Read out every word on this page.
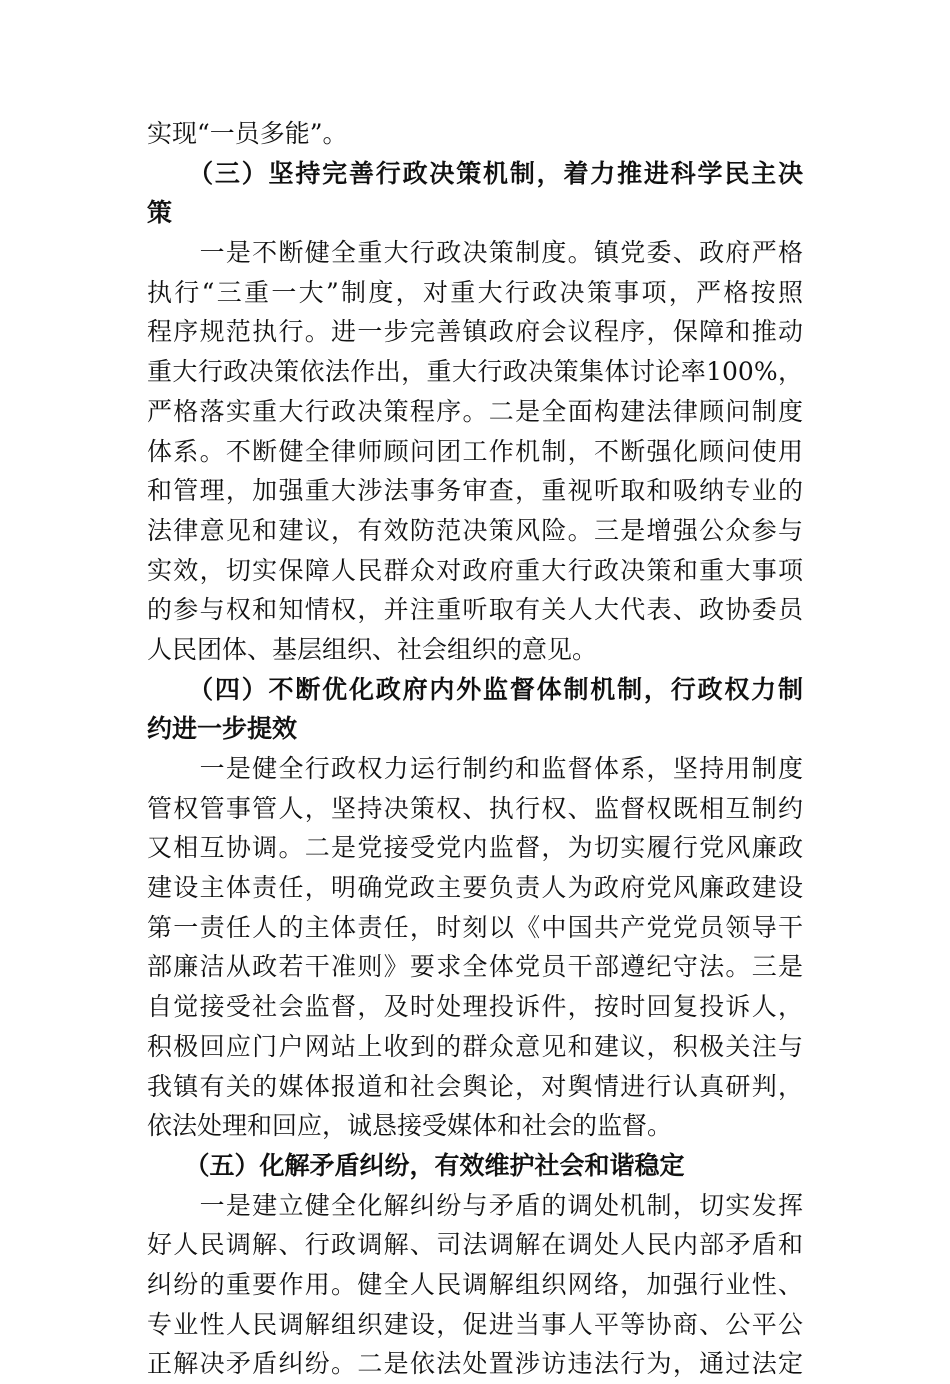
实现“一员多能”。
　　（三）坚持完善行政决策机制，着力推进科学民主决
策
　　一是不断健全重大行政决策制度。镇党委、政府严格
执行“三重一大”制度，对重大行政决策事项，严格按照
程序规范执行。进一步完善镇政府会议程序，保障和推动
重大行政决策依法作出，重大行政决策集体讨论率100%，
严格落实重大行政决策程序。二是全面构建法律顾问制度
体系。不断健全律师顾问团工作机制，不断强化顾问使用
和管理，加强重大涉法事务审查，重视听取和吸纳专业的
法律意见和建议，有效防范决策风险。三是增强公众参与
实效，切实保障人民群众对政府重大行政决策和重大事项
的参与权和知情权，并注重听取有关人大代表、政协委员
人民团体、基层组织、社会组织的意见。
　　（四）不断优化政府内外监督体制机制，行政权力制
约进一步提效
　　一是健全行政权力运行制约和监督体系，坚持用制度
管权管事管人，坚持决策权、执行权、监督权既相互制约
又相互协调。二是党接受党内监督，为切实履行党风廉政
建设主体责任，明确党政主要负责人为政府党风廉政建设
第一责任人的主体责任，时刻以《中国共产党党员领导干
部廉洁从政若干准则》要求全体党员干部遵纪守法。三是
自觉接受社会监督，及时处理投诉件，按时回复投诉人，
积极回应门户网站上收到的群众意见和建议，积极关注与
我镇有关的媒体报道和社会舆论，对舆情进行认真研判，
依法处理和回应，诚恳接受媒体和社会的监督。
　　（五）化解矛盾纠纷，有效维护社会和谐稳定
　　一是建立健全化解纠纷与矛盾的调处机制，切实发挥
好人民调解、行政调解、司法调解在调处人民内部矛盾和
纠纷的重要作用。健全人民调解组织网络，加强行业性、
专业性人民调解组织建设，促进当事人平等协商、公平公
正解决矛盾纠纷。二是依法处置涉访违法行为，通过法定
